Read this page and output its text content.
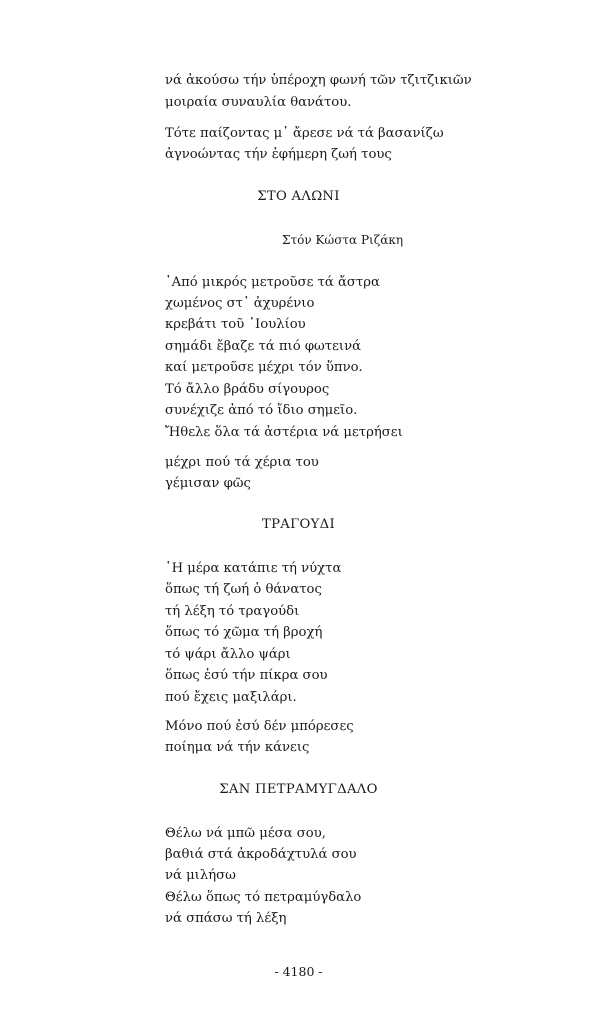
νά ἀκούσω τήν ὑπέροχη φωνή τῶν τζιτζικιῶν
μοιραία συναυλία θανάτου.
Τότε παίζοντας μ᾽ ἄρεσε νά τά βασανίζω
ἀγνοώντας τήν ἐφήμερη ζωή τους
ΣΤΟ ΑΛΩΝΙ
Στόν Κώστα Ριζάκη
᾽Από μικρός μετροῦσε τά ἄστρα
χωμένος στ᾽ ἀχυρένιο
κρεβάτι τοῦ ᾽Ιουλίου
σημάδι ἔβαζε τά πιό φωτεινά
καί μετροῦσε μέχρι τόν ὕπνο.
Τό ἄλλο βράδυ σίγουρος
συνέχιζε ἀπό τό ἴδιο σημεῖο.
Ἤθελε ὅλα τά ἀστέρια νά μετρήσει
μέχρι πού τά χέρια του
γέμισαν φῶς
ΤΡΑΓΟΥΔΙ
῾Η μέρα κατάπιε τή νύχτα
ὅπως τή ζωή ὁ θάνατος
τή λέξη τό τραγούδι
ὅπως τό χῶμα τή βροχή
τό ψάρι ἄλλο ψάρι
ὅπως ἐσύ τήν πίκρα σου
πού ἔχεις μαξιλάρι.
Μόνο πού ἐσύ δέν μπόρεσες
ποίημα νά τήν κάνεις
ΣΑΝ ΠΕΤΡΑΜΥΓΔΑΛΟ
Θέλω νά μπῶ μέσα σου,
βαθιά στά ἀκροδάχτυλά σου
νά μιλήσω
Θέλω ὅπως τό πετραμύγδαλο
νά σπάσω τή λέξη
- 4180 -
